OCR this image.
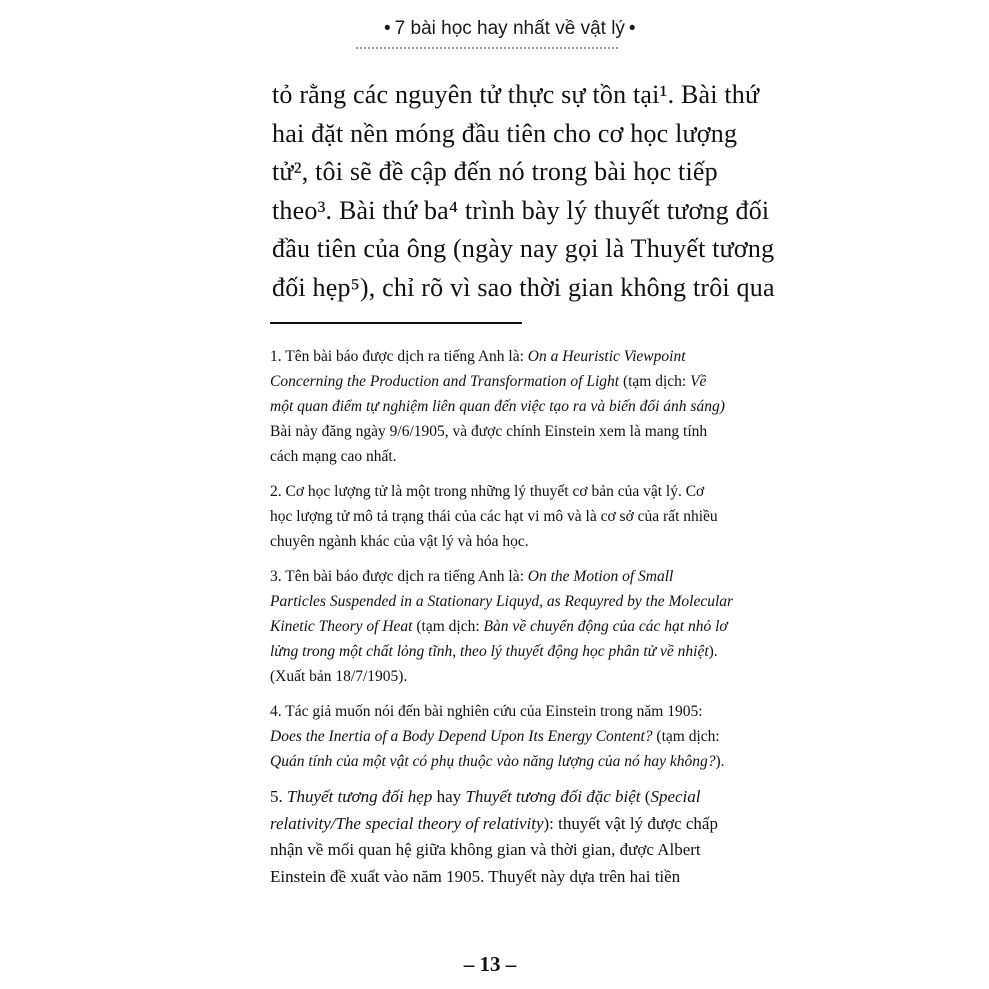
• 7 bài học hay nhất về vật lý •
tỏ rằng các nguyên tử thực sự tồn tại¹. Bài thứ
hai đặt nền móng đầu tiên cho cơ học lượng
tử², tôi sẽ đề cập đến nó trong bài học tiếp
theo³. Bài thứ ba⁴ trình bày lý thuyết tương đối
đầu tiên của ông (ngày nay gọi là Thuyết tương
đối hẹp⁵), chỉ rõ vì sao thời gian không trôi qua
1. Tên bài báo được dịch ra tiếng Anh là: On a Heuristic Viewpoint
Concerning the Production and Transformation of Light (tạm dịch: Về
một quan điểm tự nghiệm liên quan đến việc tạo ra và biến đổi ánh sáng)
Bài này đăng ngày 9/6/1905, và được chính Einstein xem là mang tính
cách mạng cao nhất.
2. Cơ học lượng tử là một trong những lý thuyết cơ bản của vật lý. Cơ
học lượng tử mô tả trạng thái của các hạt vi mô và là cơ sở của rất nhiều
chuyên ngành khác của vật lý và hóa học.
3. Tên bài báo được dịch ra tiếng Anh là: On the Motion of Small
Particles Suspended in a Stationary Liquyd, as Requyred by the Molecular
Kinetic Theory of Heat (tạm dịch: Bàn về chuyển động của các hạt nhỏ lơ
lửng trong một chất lỏng tĩnh, theo lý thuyết động học phân tử về nhiệt).
(Xuất bản 18/7/1905).
4. Tác giả muốn nói đến bài nghiên cứu của Einstein trong năm 1905:
Does the Inertia of a Body Depend Upon Its Energy Content? (tạm dịch:
Quán tính của một vật có phụ thuộc vào năng lượng của nó hay không?).
5. Thuyết tương đối hẹp hay Thuyết tương đối đặc biệt (Special
relativity/The special theory of relativity): thuyết vật lý được chấp
nhận về mối quan hệ giữa không gian và thời gian, được Albert
Einstein đề xuất vào năm 1905. Thuyết này dựa trên hai tiền
– 13 –
